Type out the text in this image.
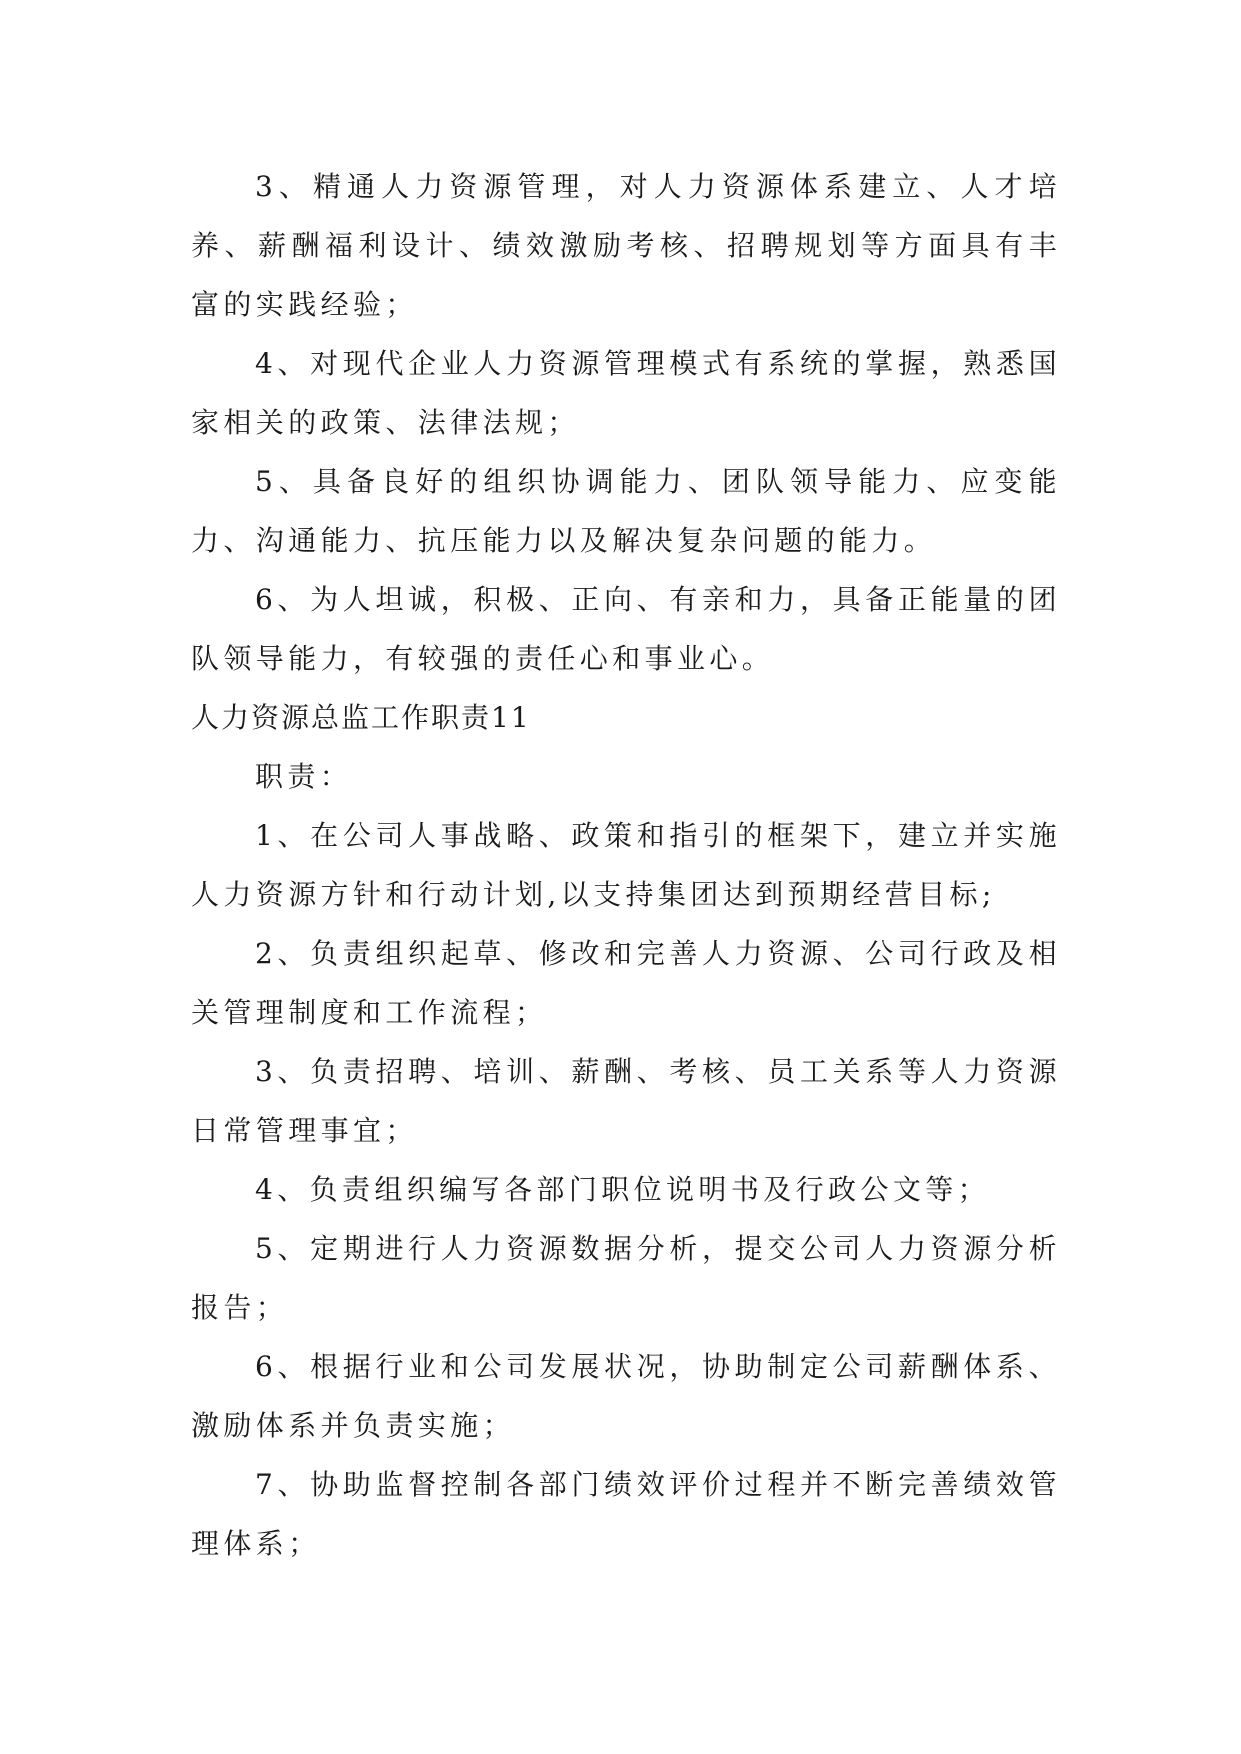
3、精通人力资源管理，对人力资源体系建立、人才培养、薪酬福利设计、绩效激励考核、招聘规划等方面具有丰富的实践经验；

4、对现代企业人力资源管理模式有系统的掌握，熟悉国家相关的政策、法律法规；

5、具备良好的组织协调能力、团队领导能力、应变能力、沟通能力、抗压能力以及解决复杂问题的能力。

6、为人坦诚，积极、正向、有亲和力，具备正能量的团队领导能力，有较强的责任心和事业心。

人力资源总监工作职责11

职责：

1、在公司人事战略、政策和指引的框架下，建立并实施人力资源方针和行动计划,以支持集团达到预期经营目标;

2、负责组织起草、修改和完善人力资源、公司行政及相关管理制度和工作流程；

3、负责招聘、培训、薪酬、考核、员工关系等人力资源日常管理事宜；

4、负责组织编写各部门职位说明书及行政公文等；

5、定期进行人力资源数据分析，提交公司人力资源分析报告；

6、根据行业和公司发展状况，协助制定公司薪酬体系、激励体系并负责实施；

7、协助监督控制各部门绩效评价过程并不断完善绩效管理体系；
